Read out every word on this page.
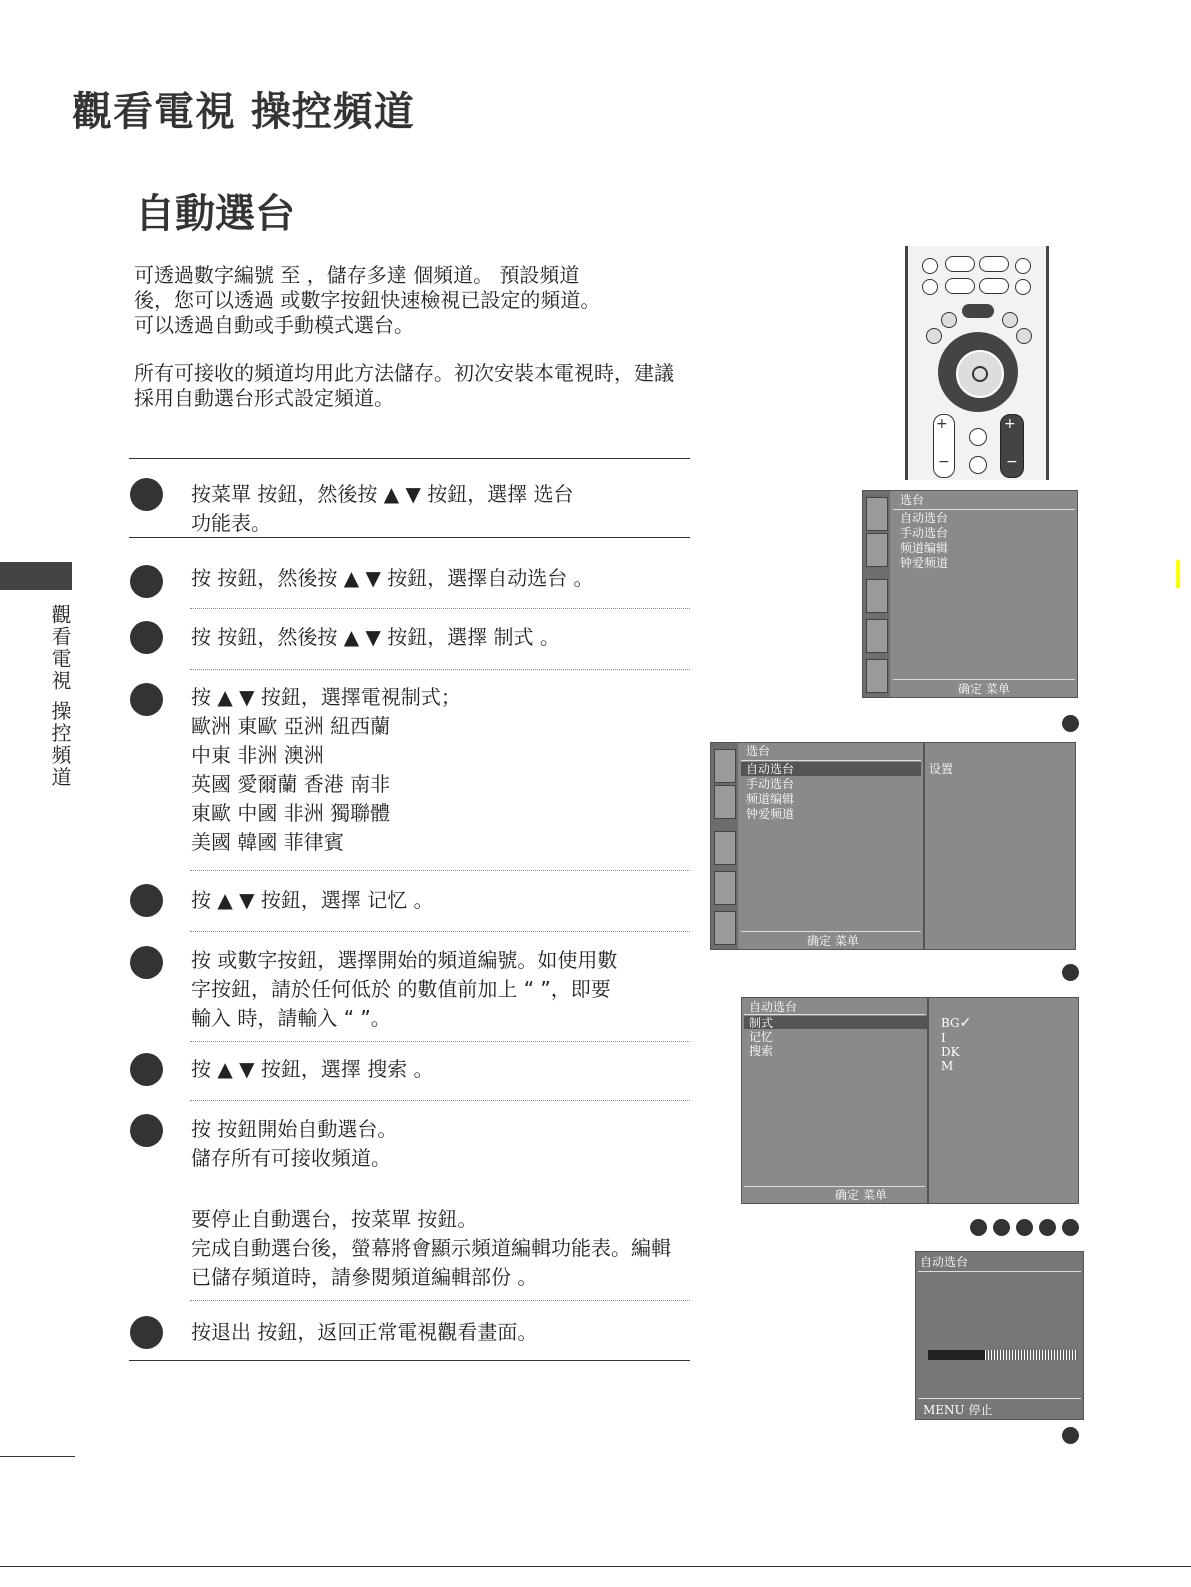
觀看電視 操控頻道
自動選台
可透過數字編號 至 ，儲存多達 個頻道。 預設頻道
後，您可以透過 或數字按鈕快速檢視已設定的頻道。
可以透過自動或手動模式選台。
所有可接收的頻道均用此方法儲存。初次安裝本電視時，建議
採用自動選台形式設定頻道。
按菜單 按鈕，然後按 ▲ ▼ 按鈕，選擇 选台
功能表。
按 按鈕，然後按 ▲ ▼ 按鈕，選擇自动选台 。
按 按鈕，然後按 ▲ ▼ 按鈕，選擇 制式 。
按 ▲ ▼ 按鈕，選擇電視制式；
歐洲 東歐 亞洲 紐西蘭
中東 非洲 澳洲
英國 愛爾蘭 香港 南非
東歐 中國 非洲 獨聯體
美國 韓國 菲律賓
按 ▲ ▼ 按鈕，選擇 记忆 。
按 或數字按鈕，選擇開始的頻道編號。如使用數
字按鈕，請於任何低於 的數值前加上 “ ”，即要
輸入 時，請輸入 “ ”。
按 ▲ ▼ 按鈕，選擇 搜索 。
按 按鈕開始自動選台。
儲存所有可接收頻道。
要停止自動選台，按菜單 按鈕。
完成自動選台後，螢幕將會顯示頻道編輯功能表。編輯
已儲存頻道時，請參閱頻道編輯部份 。
按退出 按鈕，返回正常電視觀看畫面。
觀看電視 操控頻道
+
−
+
−
选台
自动选台
手动选台
频道编辑
钟爱频道
确定 菜单
选台
自动选台
手动选台
频道编辑
钟爱频道
确定 菜单
设置
自动选台
制式
记忆
搜索
确定 菜单
BG✓
I
DK
M
自动选台
MENU 停止
